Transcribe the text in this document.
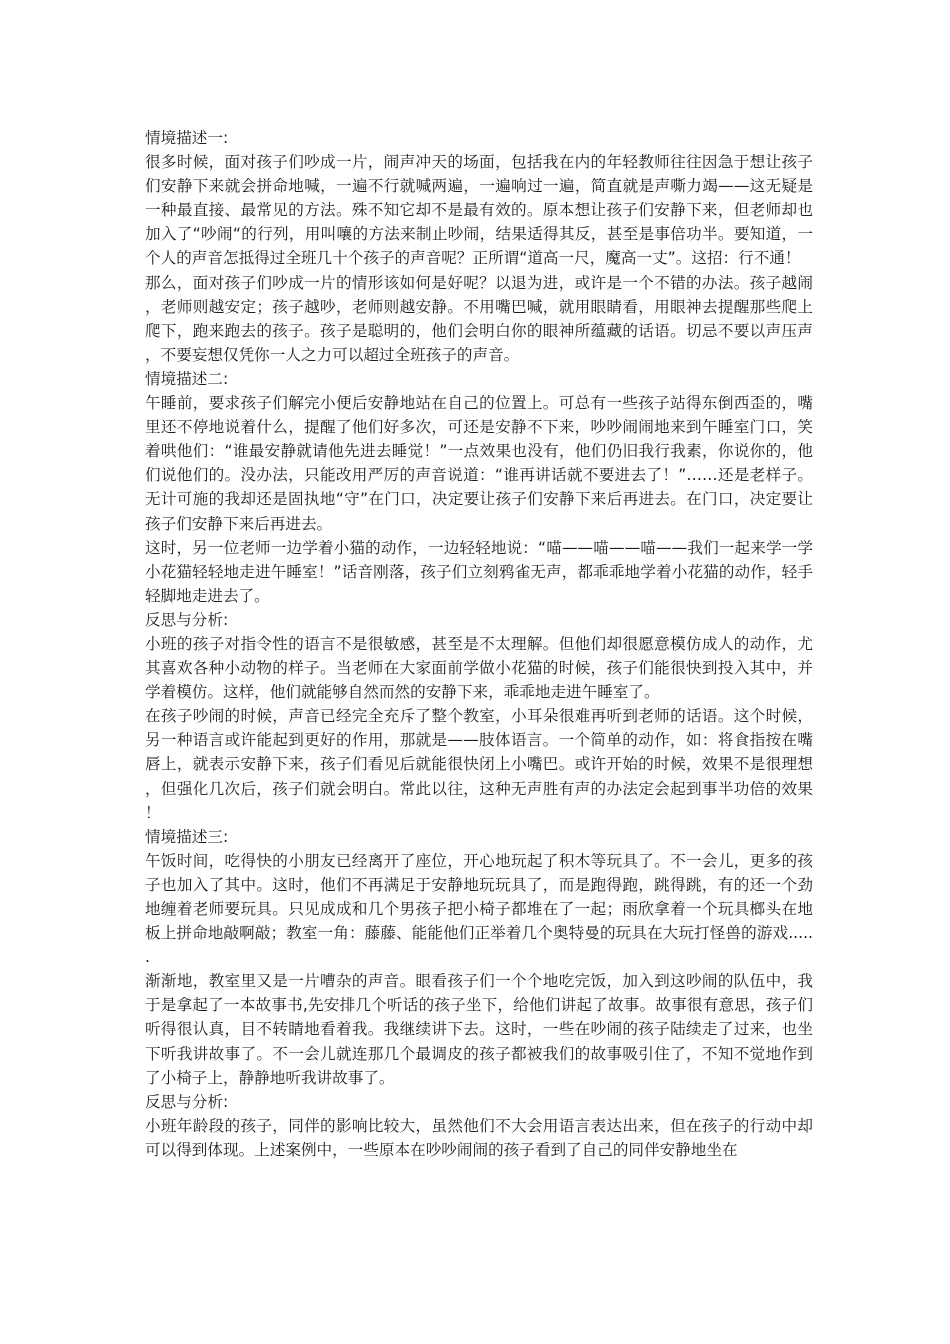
情境描述一:

很多时候，面对孩子们吵成一片，闹声冲天的场面，包括我在内的年轻教师往往因急于想让孩子们安静下来就会拼命地喊，一遍不行就喊两遍，一遍响过一遍，简直就是声嘶力竭——这无疑是一种最直接、最常见的方法。殊不知它却不是最有效的。原本想让孩子们安静下来，但老师却也加入了“吵闹“的行列，用叫嚷的方法来制止吵闹，结果适得其反，甚至是事倍功半。要知道，一个人的声音怎抵得过全班几十个孩子的声音呢？正所谓“道高一尺，魔高一丈”。这招：行不通！

那么，面对孩子们吵成一片的情形该如何是好呢？以退为进，或许是一个不错的办法。孩子越闹，老师则越安定；孩子越吵，老师则越安静。不用嘴巴喊，就用眼睛看，用眼神去提醒那些爬上爬下，跑来跑去的孩子。孩子是聪明的，他们会明白你的眼神所蕴藏的话语。切忌不要以声压声，不要妄想仅凭你一人之力可以超过全班孩子的声音。

情境描述二:

午睡前，要求孩子们解完小便后安静地站在自己的位置上。可总有一些孩子站得东倒西歪的，嘴里还不停地说着什么，提醒了他们好多次，可还是安静不下来，吵吵闹闹地来到午睡室门口，笑着哄他们：“谁最安静就请他先进去睡觉！”一点效果也没有，他们仍旧我行我素，你说你的，他们说他们的。没办法，只能改用严厉的声音说道：“谁再讲话就不要进去了！”……还是老样子。无计可施的我却还是固执地“守”在门口，决定要让孩子们安静下来后再进去。在门口，决定要让孩子们安静下来后再进去。

这时，另一位老师一边学着小猫的动作，一边轻轻地说：“喵——喵——喵——我们一起来学一学小花猫轻轻地走进午睡室！”话音刚落，孩子们立刻鸦雀无声，都乖乖地学着小花猫的动作，轻手轻脚地走进去了。

反思与分析:

小班的孩子对指令性的语言不是很敏感，甚至是不太理解。但他们却很愿意模仿成人的动作，尤其喜欢各种小动物的样子。当老师在大家面前学做小花猫的时候，孩子们能很快到投入其中，并学着模仿。这样，他们就能够自然而然的安静下来，乖乖地走进午睡室了。

在孩子吵闹的时候，声音已经完全充斥了整个教室，小耳朵很难再听到老师的话语。这个时候，另一种语言或许能起到更好的作用，那就是——肢体语言。一个简单的动作，如：将食指按在嘴唇上，就表示安静下来，孩子们看见后就能很快闭上小嘴巴。或许开始的时候，效果不是很理想，但强化几次后，孩子们就会明白。常此以往，这种无声胜有声的办法定会起到事半功倍的效果！

情境描述三:

午饭时间，吃得快的小朋友已经离开了座位，开心地玩起了积木等玩具了。不一会儿，更多的孩子也加入了其中。这时，他们不再满足于安静地玩玩具了，而是跑得跑，跳得跳，有的还一个劲地缠着老师要玩具。只见成成和几个男孩子把小椅子都堆在了一起；雨欣拿着一个玩具榔头在地板上拼命地敲啊敲；教室一角：藤藤、能能他们正举着几个奥特曼的玩具在大玩打怪兽的游戏......

渐渐地，教室里又是一片嘈杂的声音。眼看孩子们一个个地吃完饭，加入到这吵闹的队伍中，我于是拿起了一本故事书,先安排几个听话的孩子坐下，给他们讲起了故事。故事很有意思，孩子们听得很认真，目不转睛地看着我。我继续讲下去。这时，一些在吵闹的孩子陆续走了过来，也坐下听我讲故事了。不一会儿就连那几个最调皮的孩子都被我们的故事吸引住了，不知不觉地作到了小椅子上，静静地听我讲故事了。

反思与分析:

小班年龄段的孩子，同伴的影响比较大，虽然他们不大会用语言表达出来，但在孩子的行动中却可以得到体现。上述案例中，一些原本在吵吵闹闹的孩子看到了自己的同伴安静地坐在
